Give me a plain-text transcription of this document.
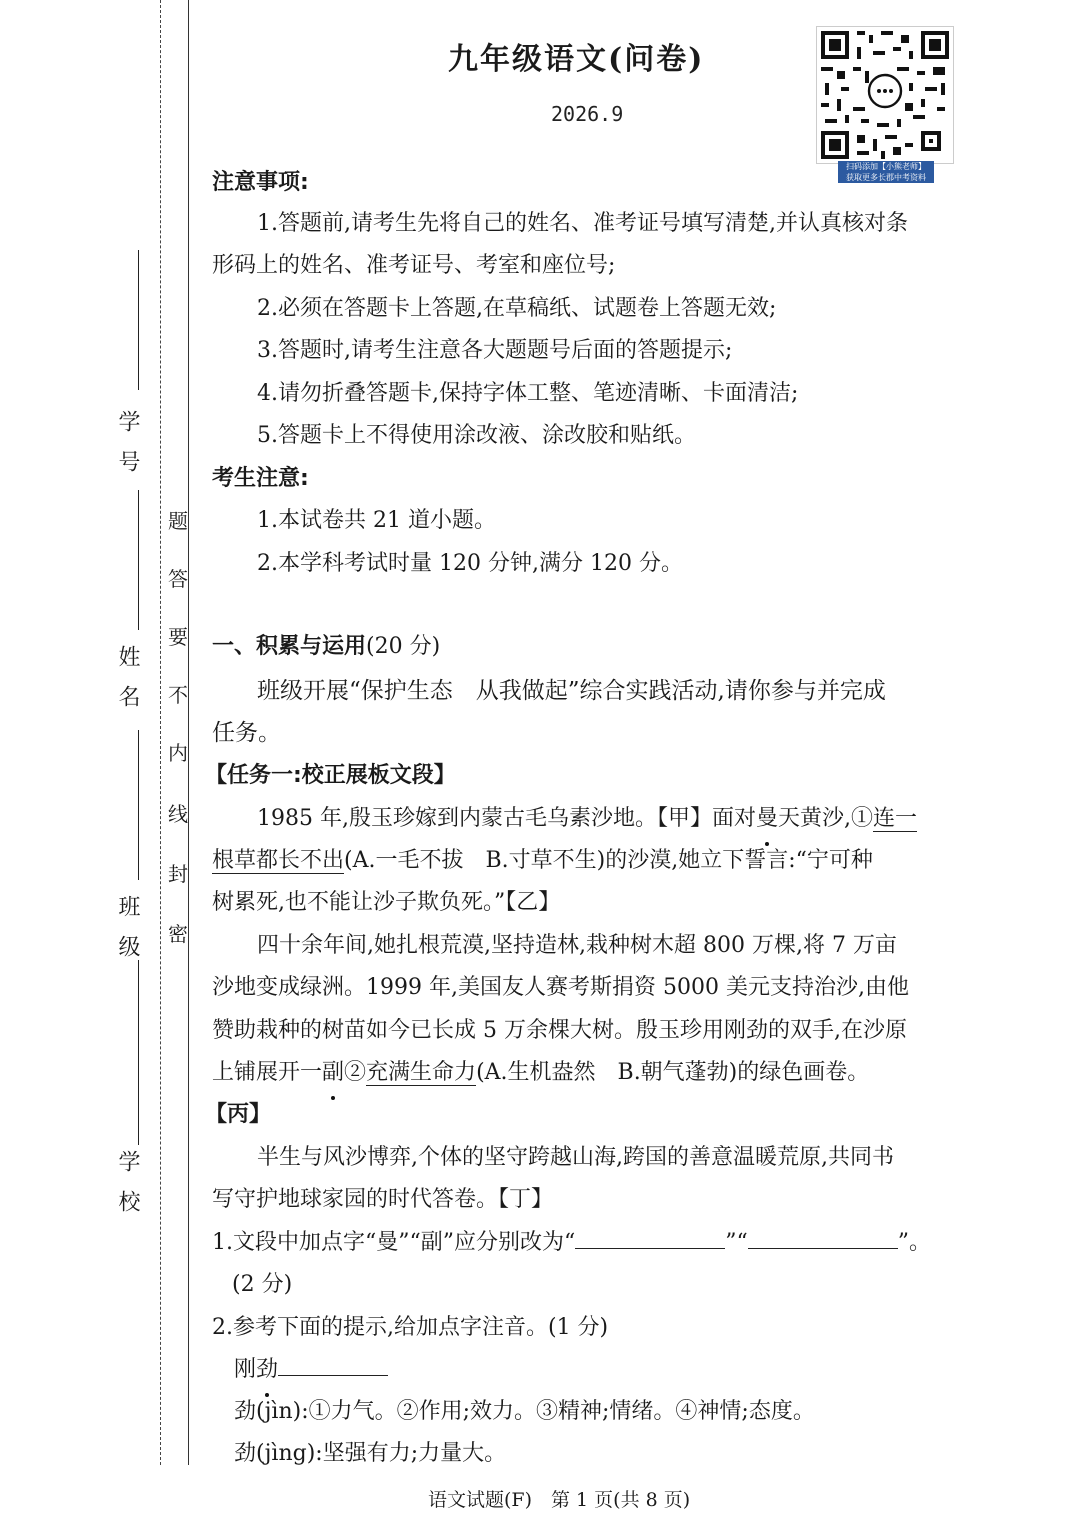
学号
姓名
班级
学校
题
答
要
不
内
线
封
密
九年级语文(问卷)
2026.9
扫码添加【小熊老师】
获取更多长郡中考资料
注意事项:
1.答题前,请考生先将自己的姓名、准考证号填写清楚,并认真核对条
形码上的姓名、准考证号、考室和座位号;
2.必须在答题卡上答题,在草稿纸、试题卷上答题无效;
3.答题时,请考生注意各大题题号后面的答题提示;
4.请勿折叠答题卡,保持字体工整、笔迹清晰、卡面清洁;
5.答题卡上不得使用涂改液、涂改胶和贴纸。
考生注意:
1.本试卷共 21 道小题。
2.本学科考试时量 120 分钟,满分 120 分。
一、积累与运用(20 分)
班级开展“保护生态　从我做起”综合实践活动,请你参与并完成
任务。
【任务一:校正展板文段】
1985 年,殷玉珍嫁到内蒙古毛乌素沙地。【甲】面对曼天黄沙,①连一
根草都长不出(A.一毛不拔　B.寸草不生)的沙漠,她立下誓言:“宁可种
树累死,也不能让沙子欺负死。”【乙】
四十余年间,她扎根荒漠,坚持造林,栽种树木超 800 万棵,将 7 万亩
沙地变成绿洲。1999 年,美国友人赛考斯捐资 5000 美元支持治沙,由他
赞助栽种的树苗如今已长成 5 万余棵大树。殷玉珍用刚劲的双手,在沙原
上铺展开一副②充满生命力(A.生机盎然　B.朝气蓬勃)的绿色画卷。
【丙】
半生与风沙博弈,个体的坚守跨越山海,跨国的善意温暖荒原,共同书
写守护地球家园的时代答卷。【丁】
1.文段中加点字“曼”“副”应分别改为“	”“	”。
(2 分)
2.参考下面的提示,给加点字注音。(1 分)
刚劲
劲(jìn):①力气。②作用;效力。③精神;情绪。④神情;态度。
劲(jìng):坚强有力;力量大。
语文试题(F)　第 1 页(共 8 页)
